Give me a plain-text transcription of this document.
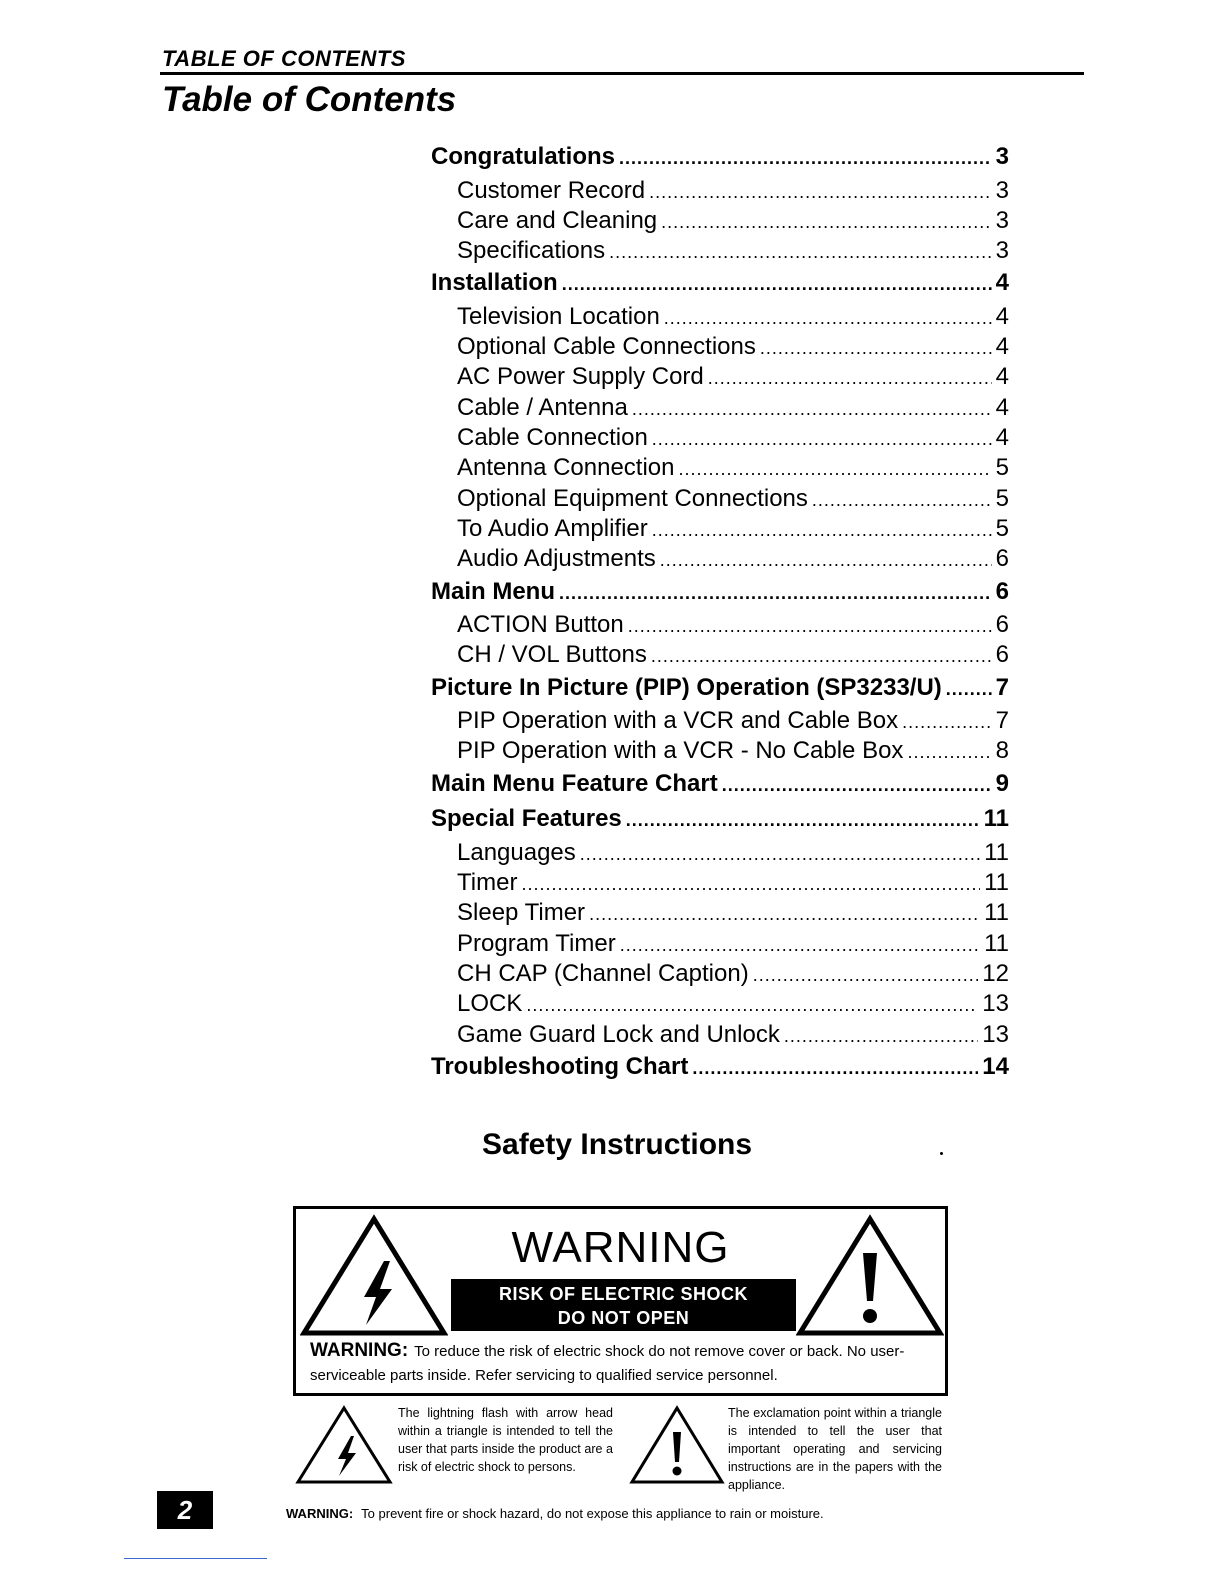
TABLE OF CONTENTS
Table of Contents
Congratulations .....	3
Customer Record .....	3
Care and Cleaning .....	3
Specifications .....	3
Installation .....	4
Television Location .....	4
Optional Cable Connections .....	4
AC Power Supply Cord .....	4
Cable / Antenna .....	4
Cable Connection .....	4
Antenna Connection .....	5
Optional Equipment Connections .....	5
To Audio Amplifier .....	5
Audio Adjustments .....	6
Main Menu .....	6
ACTION Button .....	6
CH / VOL Buttons .....	6
Picture In Picture (PIP) Operation (SP3233/U) ..... 7
PIP Operation with a VCR and Cable Box .....	7
PIP Operation with a VCR - No Cable Box .....	8
Main Menu Feature Chart .....	9
Special Features .....	11
Languages .....	11
Timer .....	11
Sleep Timer .....	11
Program Timer .....	11
CH CAP (Channel Caption) .....	12
LOCK .....	13
Game Guard Lock and Unlock .....	13
Troubleshooting Chart .....	14
Safety Instructions
WARNING
RISK OF ELECTRIC SHOCK
DO NOT OPEN
WARNING: To reduce the risk of electric shock do not remove cover or back. No user-serviceable parts inside. Refer servicing to qualified service personnel.
The lightning flash with arrow head within a triangle is intended to tell the user that parts inside the product are a risk of electric shock to persons.
The exclamation point within a triangle is intended to tell the user that important operating and servicing instructions are in the papers with the appliance.
2	WARNING: To prevent fire or shock hazard, do not expose this appliance to rain or moisture.
